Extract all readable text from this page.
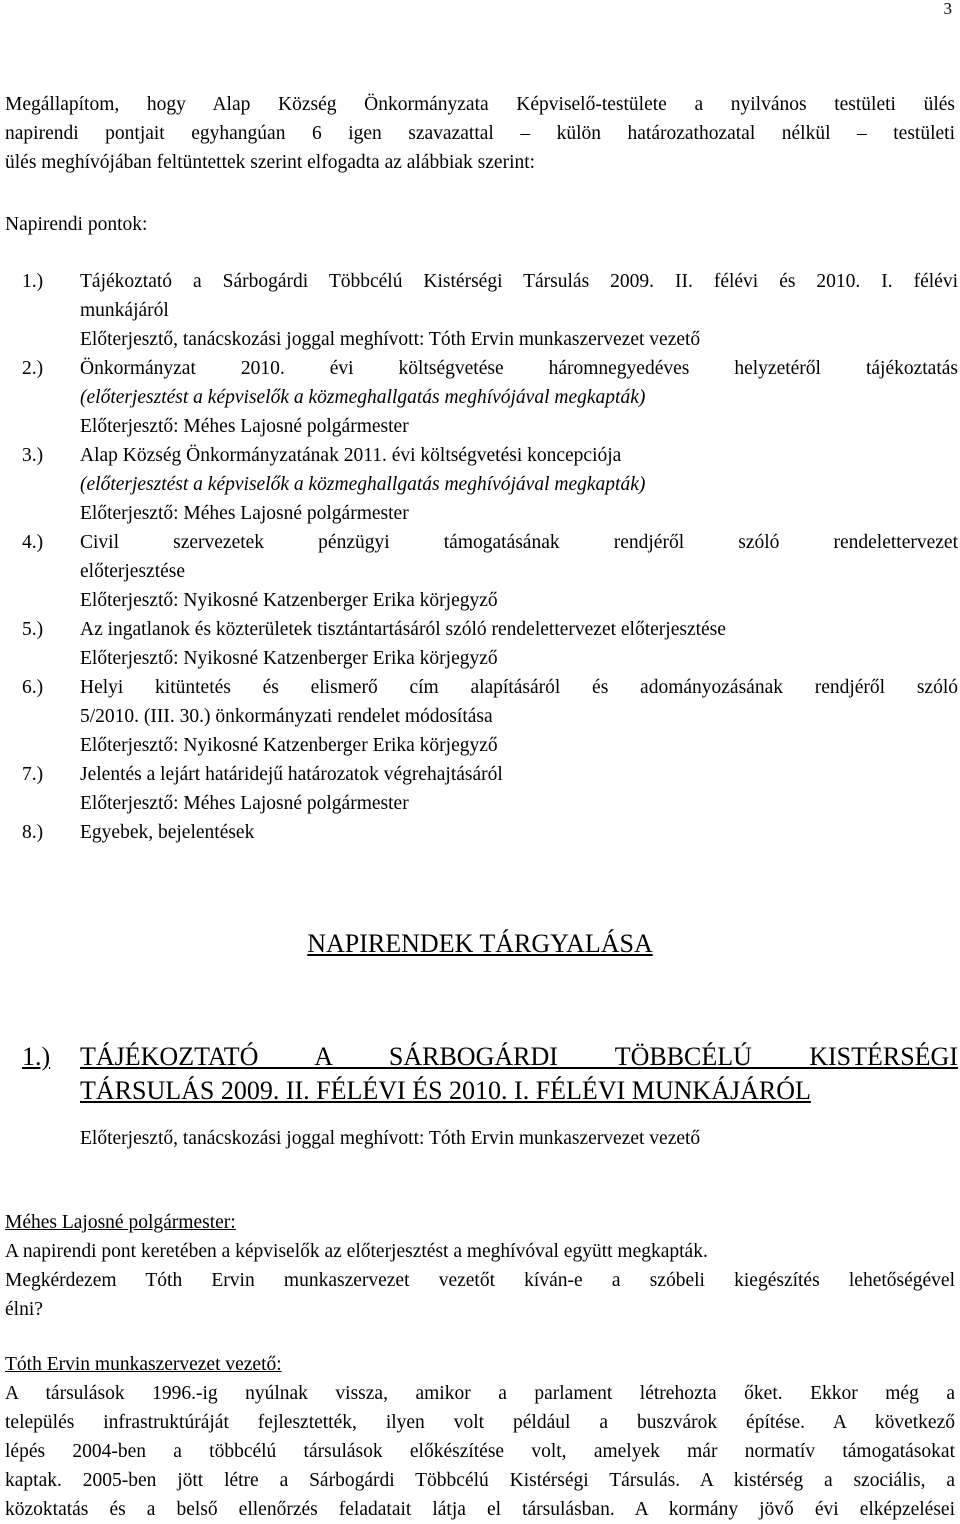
3
Megállapítom, hogy Alap Község Önkormányzata Képviselő-testülete a nyilvános testületi ülés
napirendi pontjait egyhangúan 6 igen szavazattal – külön határozathozatal nélkül – testületi
ülés meghívójában feltüntettek szerint elfogadta az alábbiak szerint:
Napirendi pontok:
1.)	Tájékoztató a Sárbogárdi Többcélú Kistérségi Társulás 2009. II. félévi és 2010. I. félévi
munkájáról
Előterjesztő, tanácskozási joggal meghívott: Tóth Ervin munkaszervezet vezető
2.)	Önkormányzat 2010. évi költségvetése háromnegyedéves helyzetéről tájékoztatás
(előterjesztést a képviselők a közmeghallgatás meghívójával megkapták)
Előterjesztő: Méhes Lajosné polgármester
3.)	Alap Község Önkormányzatának 2011. évi költségvetési koncepciója
(előterjesztést a képviselők a közmeghallgatás meghívójával megkapták)
Előterjesztő: Méhes Lajosné polgármester
4.)	Civil szervezetek pénzügyi támogatásának rendjéről szóló rendelettervezet
előterjesztése
Előterjesztő: Nyikosné Katzenberger Erika körjegyző
5.)	Az ingatlanok és közterületek tisztántartásáról szóló rendelettervezet előterjesztése
Előterjesztő: Nyikosné Katzenberger Erika körjegyző
6.)	Helyi kitüntetés és elismerő cím alapításáról és adományozásának rendjéről szóló
5/2010. (III. 30.) önkormányzati rendelet módosítása
Előterjesztő: Nyikosné Katzenberger Erika körjegyző
7.)	Jelentés a lejárt határidejű határozatok végrehajtásáról
Előterjesztő: Méhes Lajosné polgármester
8.)	Egyebek, bejelentések
NAPIRENDEK TÁRGYALÁSA
1.)	TÁJÉKOZTATÓ A SÁRBOGÁRDI TÖBBCÉLÚ KISTÉRSÉGI
TÁRSULÁS 2009. II. FÉLÉVI ÉS 2010. I. FÉLÉVI MUNKÁJÁRÓL
Előterjesztő, tanácskozási joggal meghívott: Tóth Ervin munkaszervezet vezető
Méhes Lajosné polgármester:

A napirendi pont keretében a képviselők az előterjesztést a meghívóval együtt megkapták.
Megkérdezem Tóth Ervin munkaszervezet vezetőt kíván-e a szóbeli kiegészítés lehetőségével
élni?

Tóth Ervin munkaszervezet vezető:

A társulások 1996.-ig nyúlnak vissza, amikor a parlament létrehozta őket. Ekkor még a
település infrastruktúráját fejlesztették, ilyen volt például a buszvárok építése. A következő
lépés 2004-ben a többcélú társulások előkészítése volt, amelyek már normatív támogatásokat
kaptak. 2005-ben jött létre a Sárbogárdi Többcélú Kistérségi Társulás. A kistérség a szociális, a
közoktatás és a belső ellenőrzés feladatait látja el társulásban. A kormány jövő évi elképzelései
